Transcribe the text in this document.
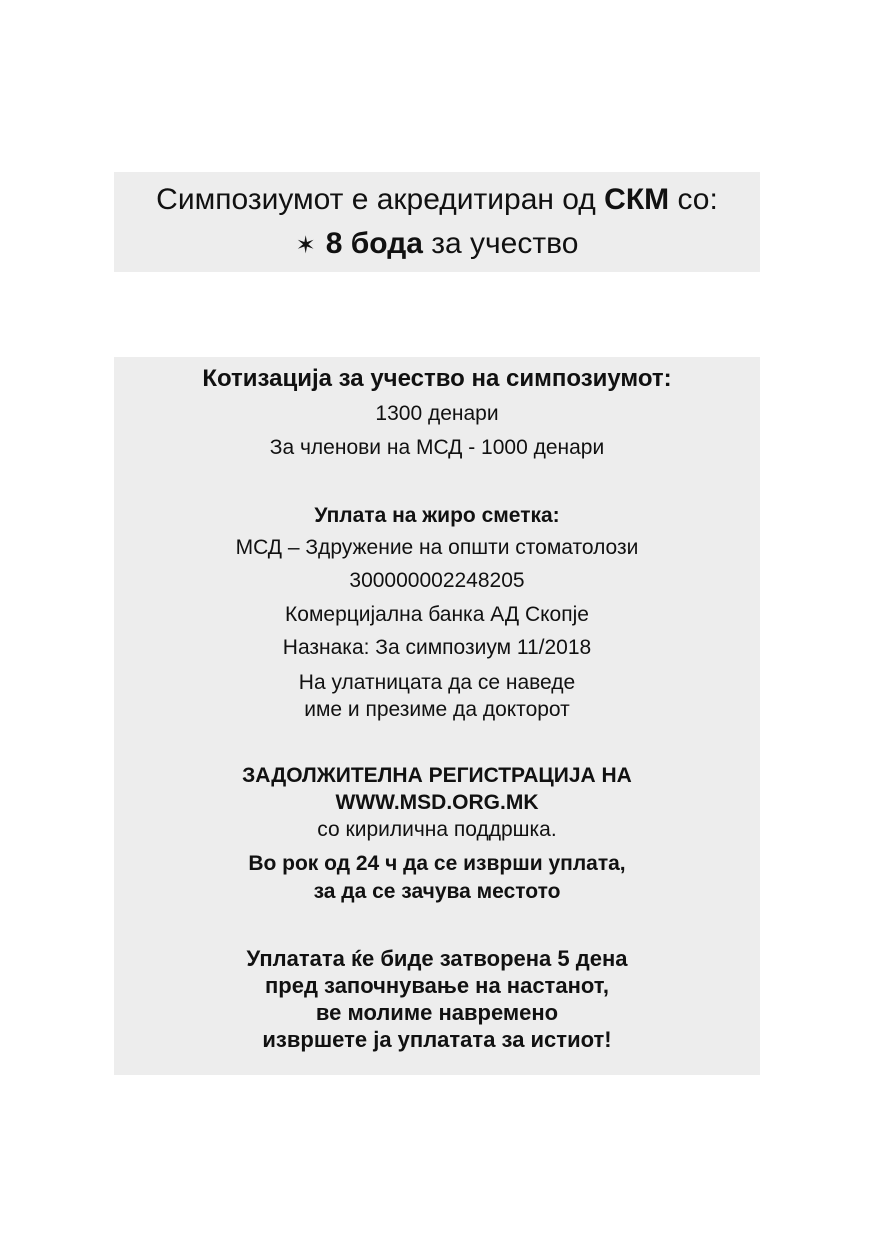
Симпозиумот е акредитиран од СКМ со:
✶ 8 бода за учество
Котизација за учество на симпозиумот:
1300 денари
За членови на МСД - 1000 денари
Уплата на жиро сметка:
МСД – Здружение на општи стоматолози
300000002248205
Комерцијална банка АД Скопје
Назнака: За симпозиум 11/2018
На улатницата да се наведе
име и презиме да докторот
ЗАДОЛЖИТЕЛНА РЕГИСТРАЦИЈА НА
WWW.MSD.ORG.MK
со кирилична поддршка.
Во рок од 24 ч да се изврши уплата,
за да се зачува местото
Уплатата ќе биде затворена 5 дена
пред започнување на настанот,
ве молиме навремено
извршете ја уплатата за истиот!
